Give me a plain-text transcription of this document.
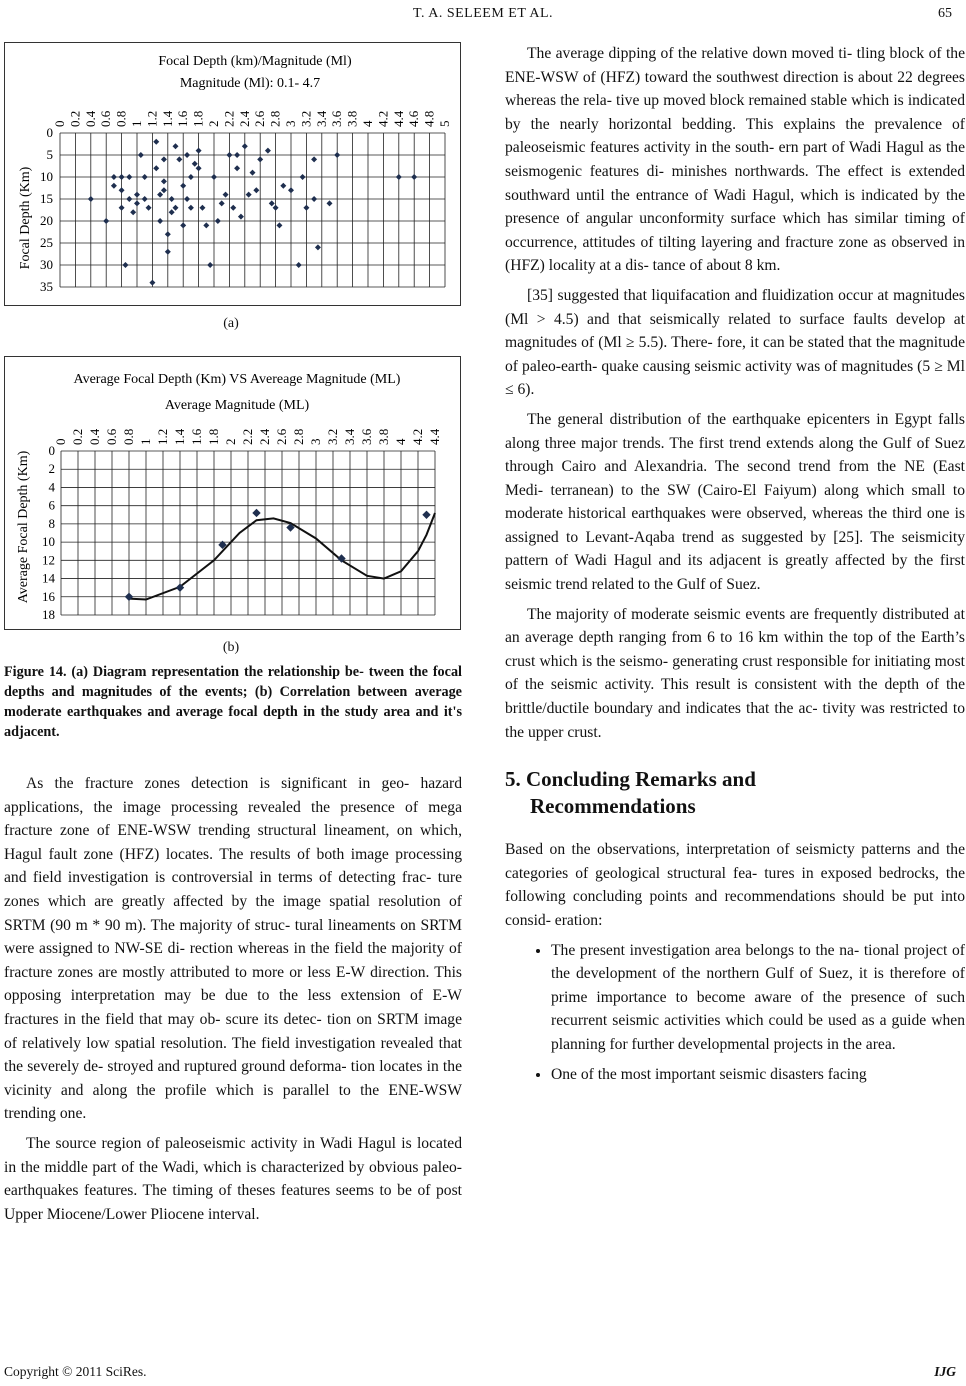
T. A. SELEEM ET AL.	65
Focal Depth (km)/Magnitude (Ml)
Magnitude (Ml): 0.1- 4.7
Focal Depth (Km)
0 0.2 0.4 0.6 0.8 1 1.2 1.4 1.6 1.8 2 2.2 2.4 2.6 2.8 3 3.2 3.4 3.6 3.8 4 4.2 4.4 4.6 4.8 5
0
5
10
15
20
25
30
35
(a)
Average Focal Depth (Km) VS Avereage Magnitude (ML)
Average Magnitude (ML)
Average Focal Depth (Km)
0 0.2 0.4 0.6 0.8 1 1.2 1.4 1.6 1.8 2 2.2 2.4 2.6 2.8 3 3.2 3.4 3.6 3.8 4 4.2 4.4
0
2
4
6
8
10
12
14
16
18
(b)
Figure 14. (a) Diagram representation the relationship be- tween the focal depths and magnitudes of the events; (b) Correlation between average moderate earthquakes and average focal depth in the study area and it's adjacent.

As the fracture zones detection is significant in geo- hazard applications, the image processing revealed the presence of mega fracture zone of ENE-WSW trending structural lineament, on which, Hagul fault zone (HFZ) locates. The results of both image processing and field investigation is controversial in terms of detecting frac- ture zones which are greatly affected by the image spatial resolution of SRTM (90 m * 90 m). The majority of struc- tural lineaments on SRTM were assigned to NW-SE di- rection whereas in the field the majority of fracture zones are mostly attributed to more or less E-W direction. This opposing interpretation may be due to the less extension of E-W fractures in the field that may ob- scure its detec- tion on SRTM image of relatively low spatial resolution. The field investigation revealed that the severely de- stroyed and ruptured ground deforma- tion locates in the vicinity and along the profile which is parallel to the ENE-WSW trending one.

The source region of paleoseismic activity in Wadi Hagul is located in the middle part of the Wadi, which is characterized by obvious paleo-earthquakes features. The timing of theses features seems to be of post Upper Miocene/Lower Pliocene interval.

The average dipping of the relative down moved ti- tling block of the ENE-WSW of (HFZ) toward the southwest direction is about 22 degrees whereas the rela- tive up moved block remained stable which is indicated by the nearly horizontal bedding. This explains the prevalence of paleoseismic features activity in the south- ern part of Wadi Hagul as the seismogenic features di- minishes northwards. The effect is extended southward until the entrance of Wadi Hagul, which is indicated by the presence of angular unconformity surface which has similar timing of occurrence, attitudes of tilting layering and fracture zone as observed in (HFZ) locality at a dis- tance of about 8 km.

[35] suggested that liquifacation and fluidization occur at magnitudes (Ml > 4.5) and that seismically related to surface faults develop at magnitudes of (Ml ≥ 5.5). There- fore, it can be stated that the magnitude of paleo-earth- quake causing seismic activity was of magnitudes (5 ≥ Ml ≤ 6).

The general distribution of the earthquake epicenters in Egypt falls along three major trends. The first trend extends along the Gulf of Suez through Cairo and Alexandria. The second trend from the NE (East Medi- terranean) to the SW (Cairo-El Faiyum) along which small to moderate historical earthquakes were observed, whereas the third one is assigned to Levant-Aqaba trend as suggested by [25]. The seismicity pattern of Wadi Hagul and its adjacent is greatly affected by the first seismic trend related to the Gulf of Suez.

The majority of moderate seismic events are frequently distributed at an average depth ranging from 6 to 16 km within the top of the Earth’s crust which is the seismo- generating crust responsible for initiating most of the seismic activity. This result is consistent with the depth of the brittle/ductile boundary and indicates that the ac- tivity was restricted to the upper crust.

5. Concluding Remarks and
Recommendations

Based on the observations, interpretation of seismicty patterns and the categories of geological structural fea- tures in exposed bedrocks, the following concluding points and recommendations should be put into consid- eration:

• The present investigation area belongs to the na- tional project of the development of the northern Gulf of Suez, it is therefore of prime importance to become aware of the presence of such recurrent seismic activities which could be used as a guide when planning for further developmental projects in the area.
• One of the most important seismic disasters facing
Copyright © 2011 SciRes.	IJG
